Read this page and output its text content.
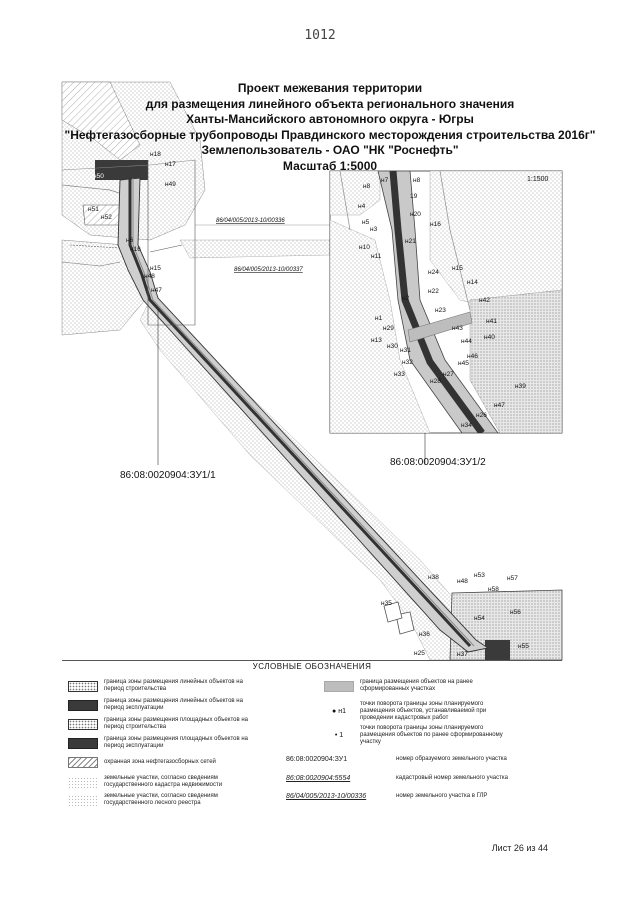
1012
н18
н17
н49
н50
н51
н52
н6
н16
н15
н48
н47
н38
н48
н53	н57
н58
н35
н54
н56
н36
н55
н25	н37
86/04/005/2013-10/00336
86/04/005/2013-10/00337
86:08:0020904:ЗУ1/1
86:08:0020904:ЗУ1/2
1:1500
н7	н8
н8
19
н4
н20
н16
н5
н3
н21
н10
н11
н24
н15
н14
н22
н2	н42
н23
н1
н43
н41
н29
н40
н13	н44
н30
н31
н46
н32	н45
н33	н27
н28
н39
н47
н26
н34
Проект межевания территории
для размещения линейного объекта регионального значения
Ханты-Мансийского автономного округа - Югры
"Нефтегазосборные трубопроводы Правдинского месторождения строительства 2016г"
Землепользователь - ОАО "НК "Роснефть"
Масштаб 1:5000
УСЛОВНЫЕ ОБОЗНАЧЕНИЯ
граница зоны размещения линейных объектов на период строительства
граница зоны размещения линейных объектов на период эксплуатации
граница зоны размещения площадных объектов на период строительства
граница зоны размещения площадных объектов на период эксплуатации
охранная зона нефтегазосборных сетей
земельные участки, согласно сведениям государственного кадастра недвижимости
земельные участки, согласно сведениям государственного лесного реестра
граница размещения объектов на ранее сформированных участках
● н1
точки поворота границы зоны планируемого размещения объектов, устанавливаемой при проведении кадастровых работ
• 1
точки поворота границы зоны планируемого размещения объектов по ранее сформированному участку
86:08:0020904:ЗУ1	номер образуемого земельного участка
86:08:0020904:5554	кадастровый номер земельного участка
86/04/005/2013-10/00336	номер земельного участка в ГЛР
Лист 26 из 44
